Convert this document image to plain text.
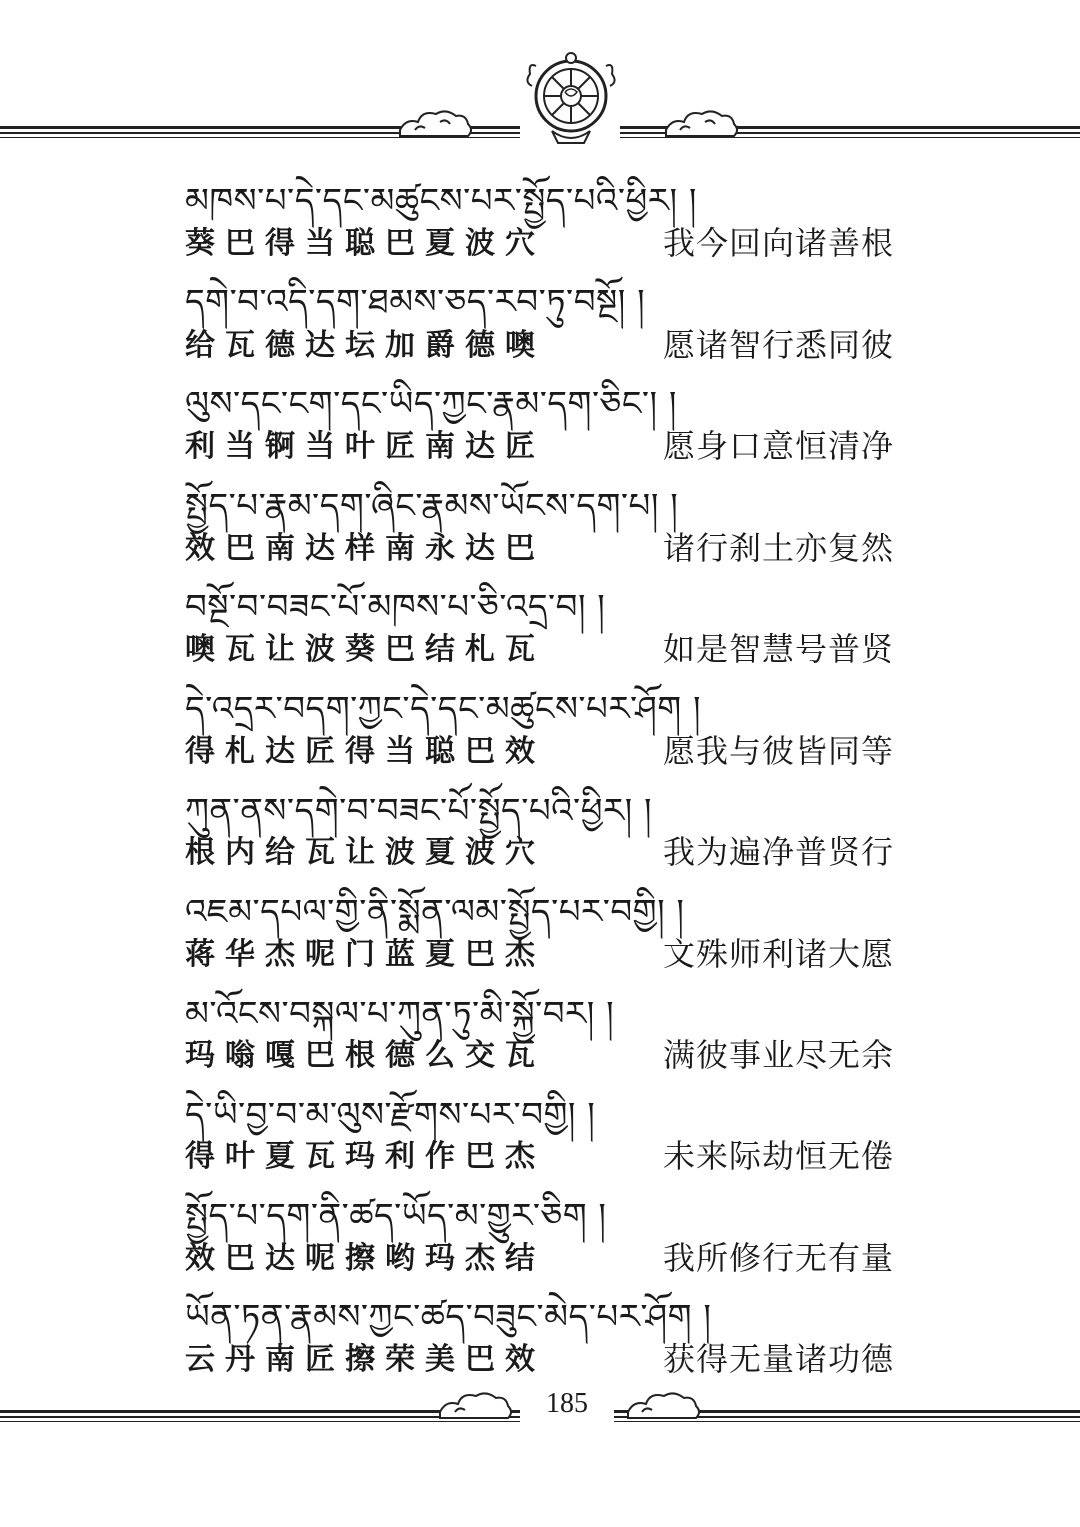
མཁས་པ་དེ་དང་མཚུངས་པར་སྤྱོད་པའི་ཕྱིར། །
葵巴得当聪巴夏波穴	我今回向诸善根
དགེ་བ་འདི་དག་ཐམས་ཅད་རབ་ཏུ་བསྔོ། །
给瓦德达坛加爵德噢	愿诸智行悉同彼
ལུས་དང་ངག་དང་ཡིད་ཀྱང་རྣམ་དག་ཅིང་། །
利当锕当叶匠南达匠	愿身口意恒清净
སྤྱོད་པ་རྣམ་དག་ཞིང་རྣམས་ཡོངས་དག་པ། །
效巴南达样南永达巴	诸行刹土亦复然
བསྔོ་བ་བཟང་པོ་མཁས་པ་ཅི་འདྲ་བ། །
噢瓦让波葵巴结札瓦	如是智慧号普贤
དེ་འདྲར་བདག་ཀྱང་དེ་དང་མཚུངས་པར་ཤོག །
得札达匠得当聪巴效	愿我与彼皆同等
ཀུན་ནས་དགེ་བ་བཟང་པོ་སྤྱོད་པའི་ཕྱིར། །
根内给瓦让波夏波穴	我为遍净普贤行
འཇམ་དཔལ་གྱི་ནི་སྨོན་ལམ་སྤྱོད་པར་བགྱི། །
蒋华杰呢门蓝夏巴杰	文殊师利诸大愿
མ་འོངས་བསྐལ་པ་ཀུན་ཏུ་མི་སྐྱོ་བར། །
玛嗡嘎巴根德么交瓦	满彼事业尽无余
དེ་ཡི་བྱ་བ་མ་ལུས་རྫོགས་པར་བགྱི། །
得叶夏瓦玛利作巴杰	未来际劫恒无倦
སྤྱོད་པ་དག་ནི་ཚད་ཡོད་མ་གྱུར་ཅིག །
效巴达呢擦哟玛杰结	我所修行无有量
ཡོན་ཏན་རྣམས་ཀྱང་ཚད་བཟུང་མེད་པར་ཤོག །
云丹南匠擦荣美巴效	获得无量诸功德
185
